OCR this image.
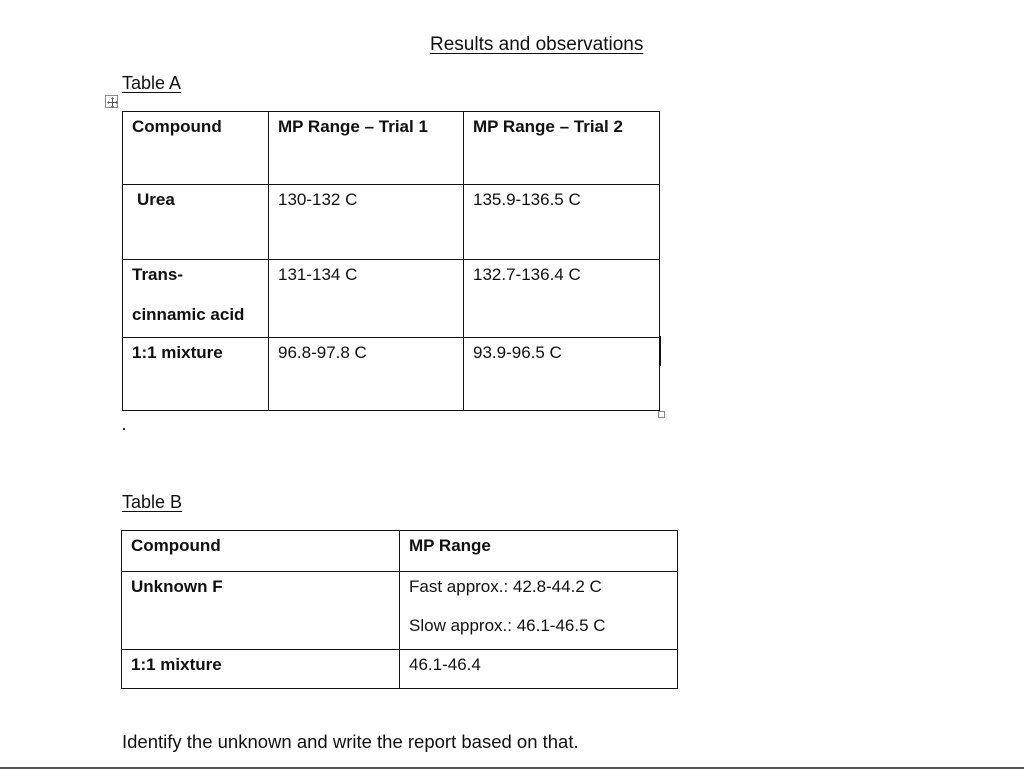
Results and observations
Table A
Compound	MP Range – Trial 1	MP Range – Trial 2

Urea	130-132 C	135.9-136.5 C

Trans-
cinnamic acid	131-134 C	132.7-136.4 C

1:1 mixture	96.8-97.8 C	93.9-96.5 C
Table B
Compound	MP Range

Unknown F	Fast approx.: 42.8-44.2 C
Slow approx.: 46.1-46.5 C

1:1 mixture	46.1-46.4
Identify the unknown and write the report based on that.
